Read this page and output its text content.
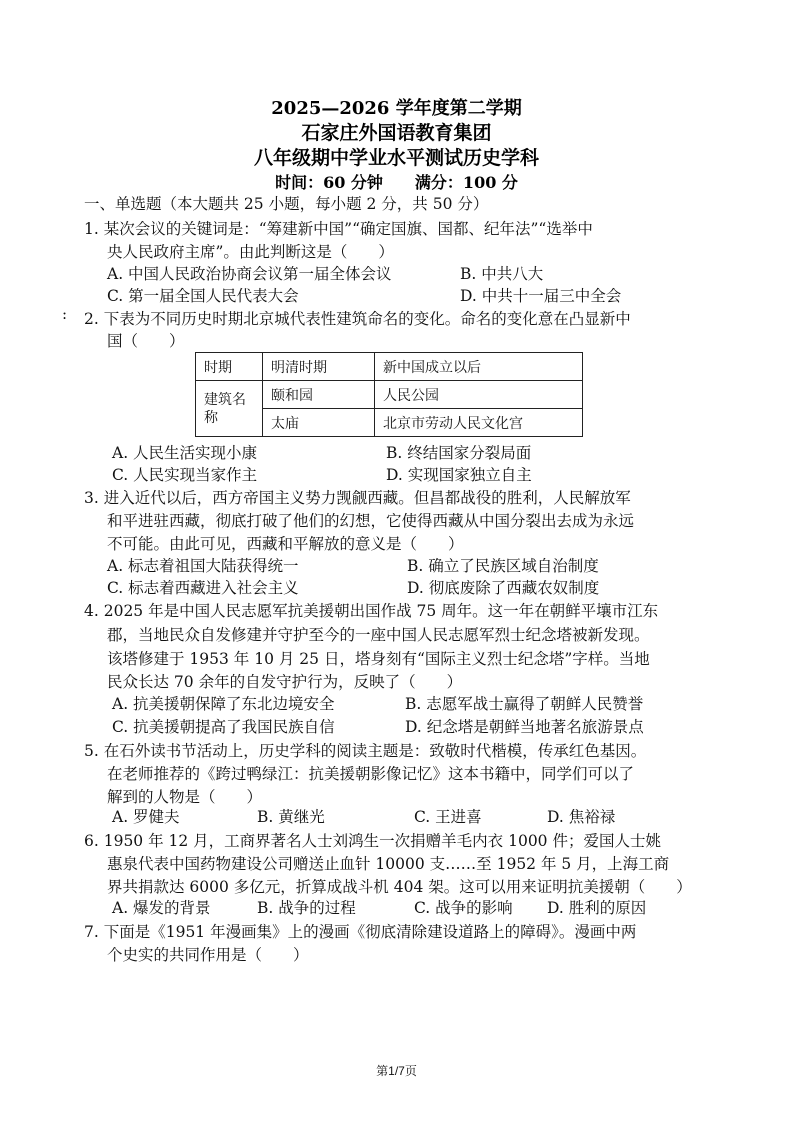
2025—2026 学年度第二学期
石家庄外国语教育集团
八年级期中学业水平测试历史学科
时间：60 分钟　　满分：100 分
一、单选题（本大题共 25 小题，每小题 2 分，共 50 分）
1. 某次会议的关键词是：“筹建新中国”“确定国旗、国都、纪年法”“选举中
央人民政府主席”。由此判断这是（　　）
A. 中国人民政治协商会议第一届全体会议	B. 中共八大
C. 第一届全国人民代表大会	D. 中共十一届三中全会
: 2. 下表为不同历史时期北京城代表性建筑命名的变化。命名的变化意在凸显新中
国（　　）
时期	明清时期	新中国成立以后
建筑名称	颐和园	人民公园
	太庙	北京市劳动人民文化宫
A. 人民生活实现小康	B. 终结国家分裂局面
C. 人民实现当家作主	D. 实现国家独立自主
3. 进入近代以后，西方帝国主义势力觊觎西藏。但昌都战役的胜利，人民解放军
和平进驻西藏，彻底打破了他们的幻想，它使得西藏从中国分裂出去成为永远
不可能。由此可见，西藏和平解放的意义是（　　）
A. 标志着祖国大陆获得统一	B. 确立了民族区域自治制度
C. 标志着西藏进入社会主义	D. 彻底废除了西藏农奴制度
4. 2025 年是中国人民志愿军抗美援朝出国作战 75 周年。这一年在朝鲜平壤市江东
郡，当地民众自发修建并守护至今的一座中国人民志愿军烈士纪念塔被新发现。
该塔修建于 1953 年 10 月 25 日，塔身刻有“国际主义烈士纪念塔”字样。当地
民众长达 70 余年的自发守护行为，反映了（　　）
A. 抗美援朝保障了东北边境安全	B. 志愿军战士赢得了朝鲜人民赞誉
C. 抗美援朝提高了我国民族自信	D. 纪念塔是朝鲜当地著名旅游景点
5. 在石外读书节活动上，历史学科的阅读主题是：致敬时代楷模，传承红色基因。
在老师推荐的《跨过鸭绿江：抗美援朝影像记忆》这本书籍中，同学们可以了
解到的人物是（　　）
A. 罗健夫	B. 黄继光	C. 王进喜	D. 焦裕禄
6. 1950 年 12 月，工商界著名人士刘鸿生一次捐赠羊毛内衣 1000 件；爱国人士姚
惠泉代表中国药物建设公司赠送止血针 10000 支……至 1952 年 5 月，上海工商
界共捐款达 6000 多亿元，折算成战斗机 404 架。这可以用来证明抗美援朝（　　）
A. 爆发的背景	B. 战争的过程	C. 战争的影响 D. 胜利的原因
7. 下面是《1951 年漫画集》上的漫画《彻底清除建设道路上的障碍》。漫画中两
个史实的共同作用是（　　）
第1/7页
